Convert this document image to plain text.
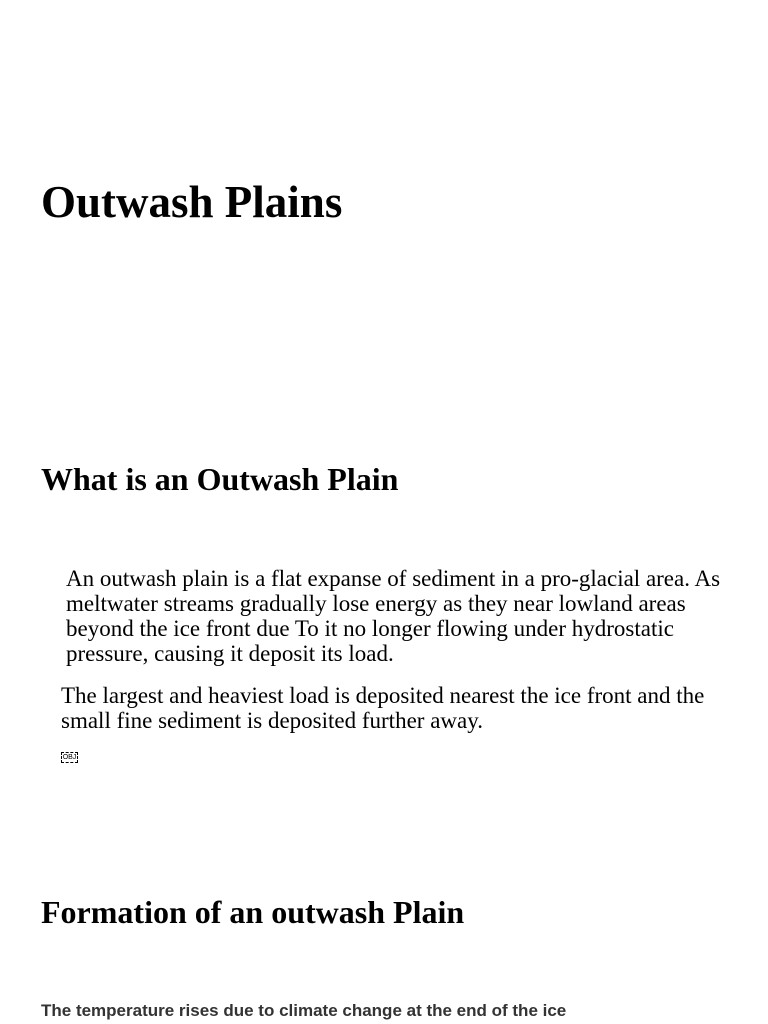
Outwash Plains
What is an Outwash Plain

An outwash plain is a flat expanse of sediment in a pro-glacial area. As meltwater streams gradually lose energy as they near lowland areas beyond the ice front due To it no longer flowing under hydrostatic pressure, causing it deposit its load.

The largest and heaviest load is deposited nearest the ice front and the small fine sediment is deposited further away.

OBJ
Formation of an outwash Plain

The temperature rises due to climate change at the end of the ice
